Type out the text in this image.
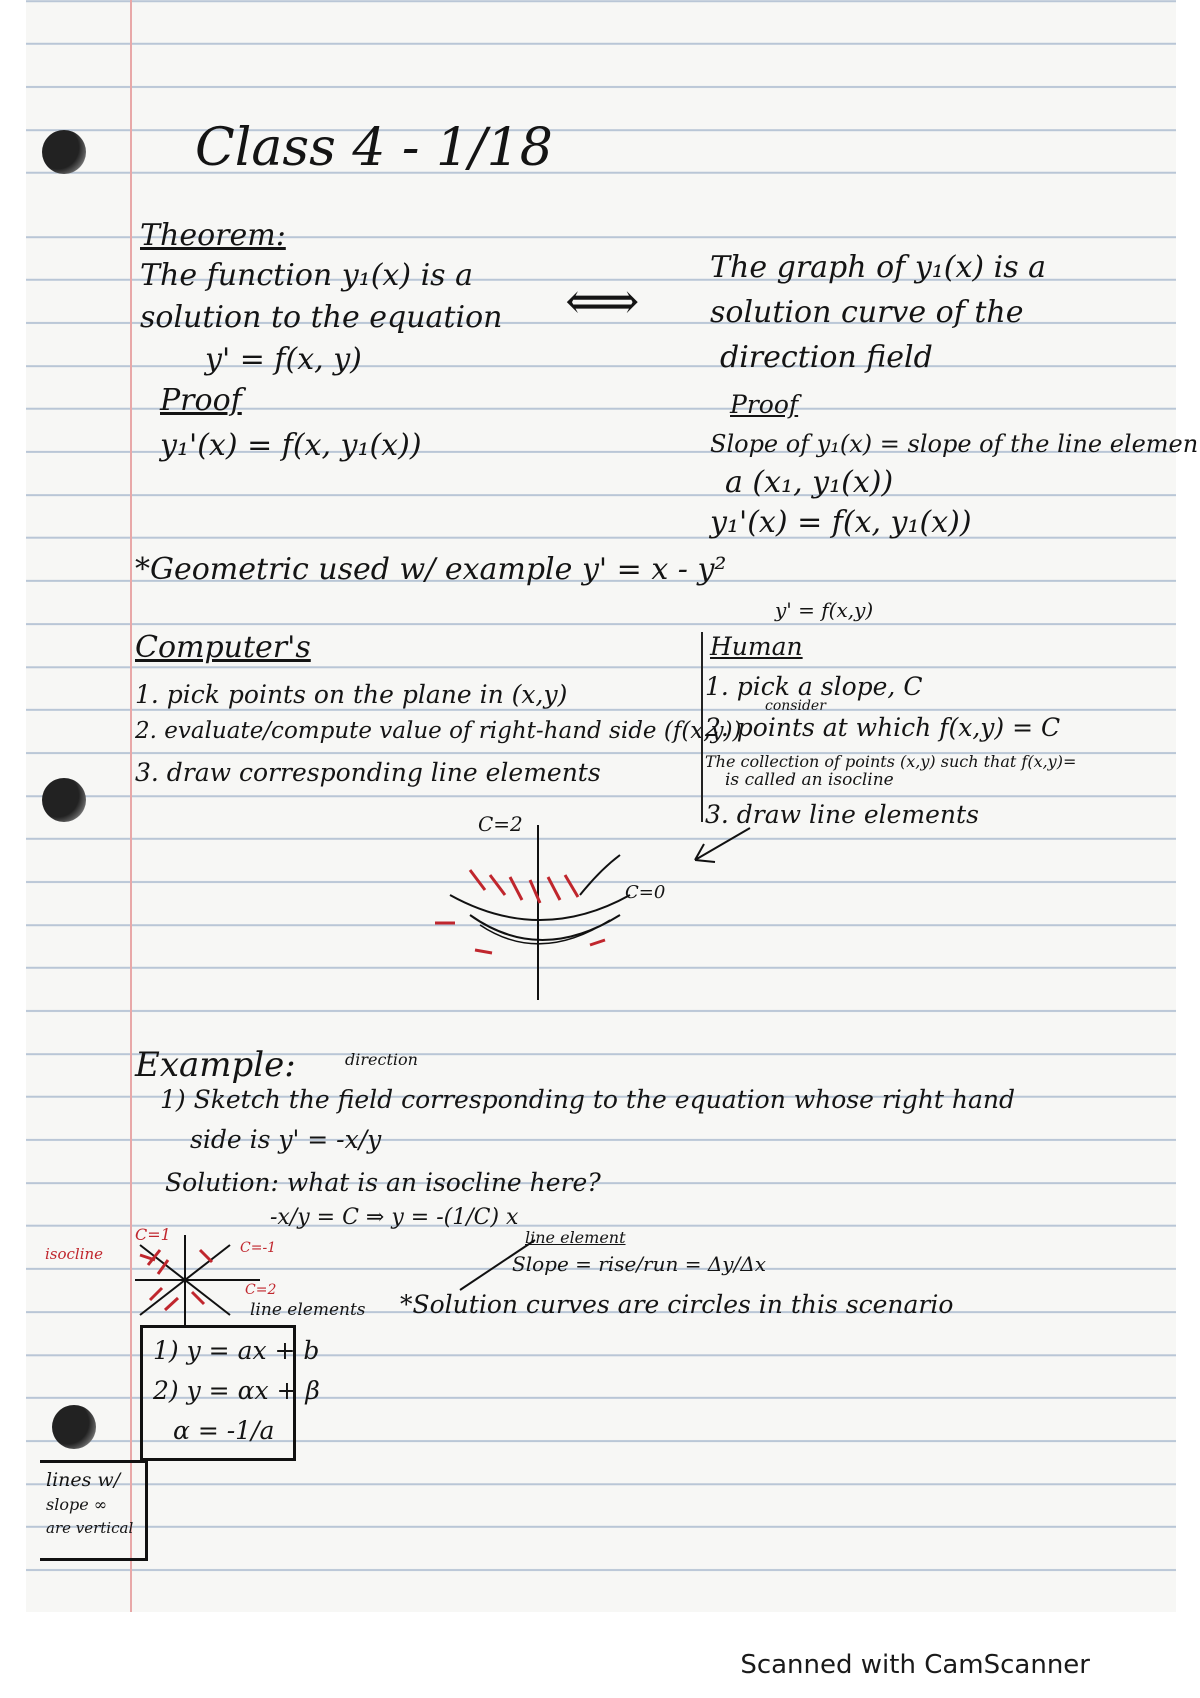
Class 4 - 1/18
Theorem:
The function y₁(x) is a
solution to the equation
y' = f(x, y)
⟺
The graph of y₁(x) is a
solution curve of the
direction field
Proof
y₁'(x) = f(x, y₁(x))
Proof
Slope of y₁(x) = slope of the line elemen
a (x₁, y₁(x))
y₁'(x) = f(x, y₁(x))
*Geometric used w/ example y' = x - y²
Computer's
1. pick points on the plane in (x,y)
2. evaluate/compute value of right-hand side (f(x,y))
3. draw corresponding line elements
y' = f(x,y)
Human
1. pick a slope, C
consider
2. points at which f(x,y) = C
The collection of points (x,y) such that f(x,y)=
is called an isocline
3. draw line elements
C=2
C=0
Example:	direction
1) Sketch the field corresponding to the equation whose right hand
side is y' = -x/y
Solution: what is an isocline here?
-x/y = C ⇒ y = -(1/C) x
line element
Slope = rise/run = Δy/Δx
*Solution curves are circles in this scenario
isocline
C=1
C=-1
C=2
line elements
1) y = ax + b
2) y = αx + β
α = -1/a
lines w/
slope ∞
are vertical
Scanned with CamScanner
